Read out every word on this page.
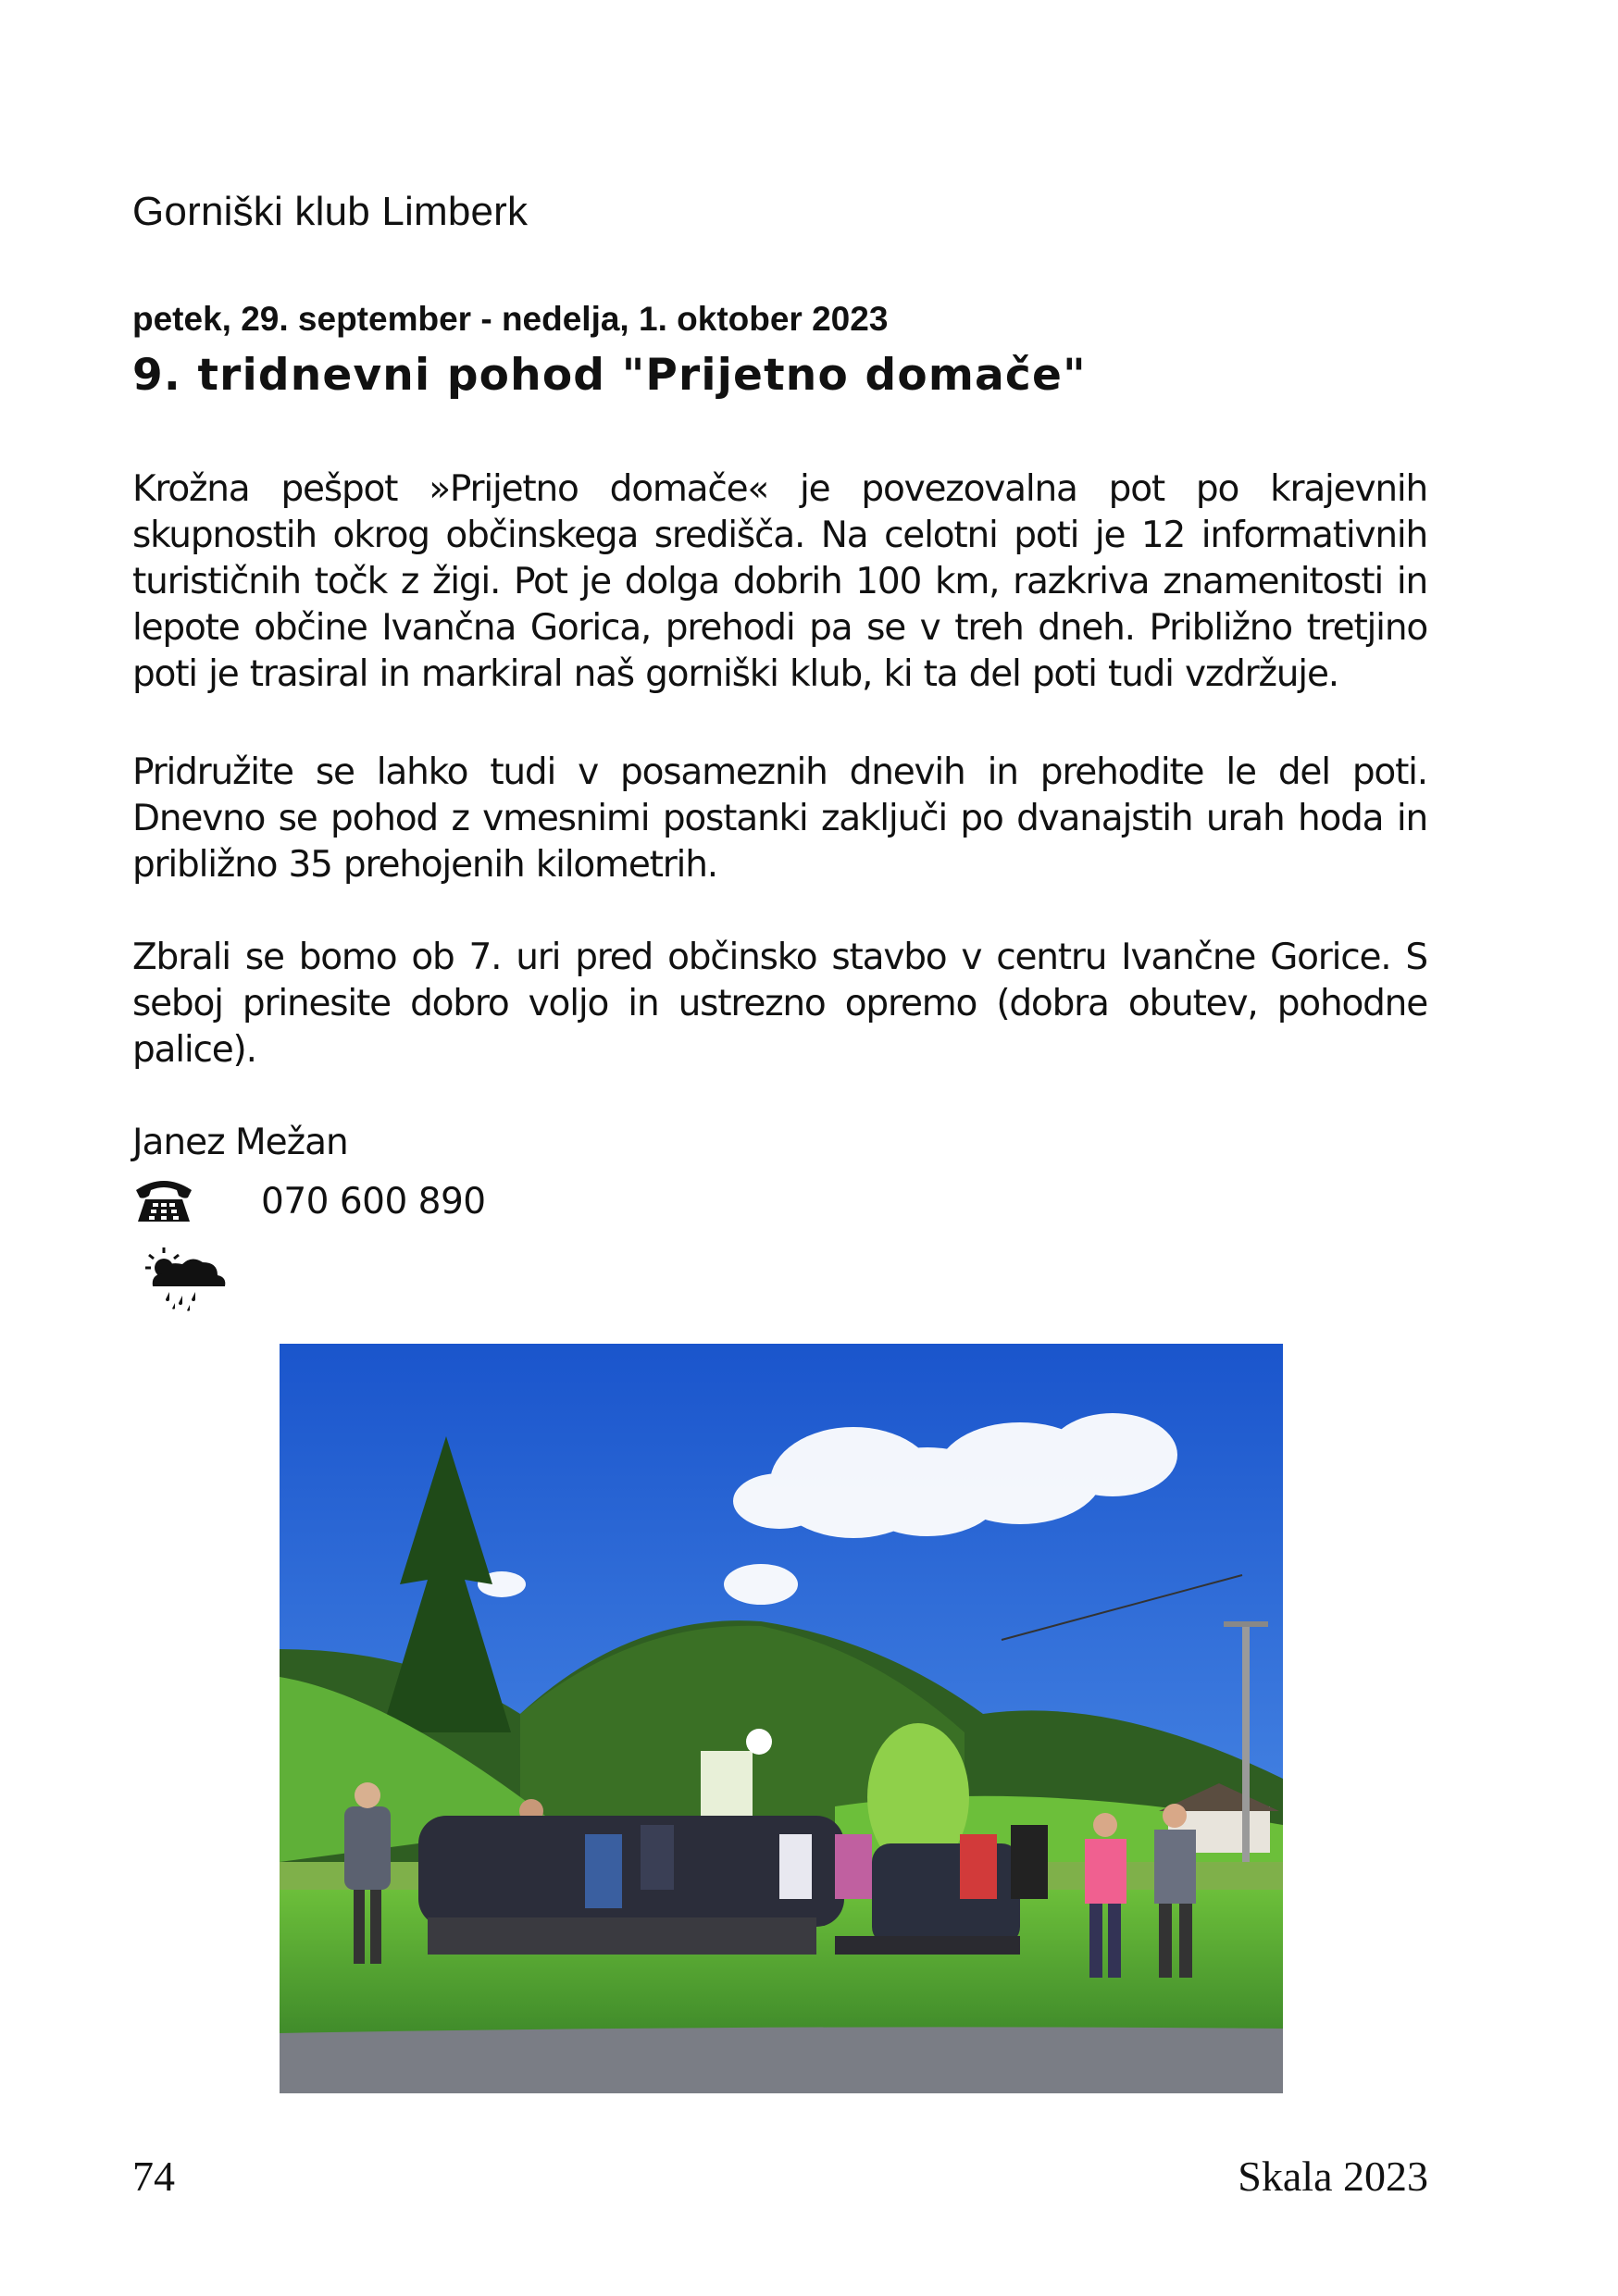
Gorniški klub Limberk
petek, 29. september - nedelja, 1. oktober 2023
9. tridnevni pohod "Prijetno domače"

Krožna pešpot »Prijetno domače« je povezovalna pot po krajevnih skupnostih okrog občinskega središča. Na celotni poti je 12 informativnih turističnih točk z žigi. Pot je dolga dobrih 100 km, razkriva znamenitosti in lepote občine Ivančna Gorica, prehodi pa se v treh dneh. Približno tretjino poti je trasiral in markiral naš gorniški klub, ki ta del poti tudi vzdržuje.

Pridružite se lahko tudi v posameznih dnevih in prehodite le del poti. Dnevno se pohod z vmesnimi postanki zaključi po dvanajstih urah hoda in približno 35 prehojenih kilometrih.

Zbrali se bomo ob 7. uri pred občinsko stavbo v centru Ivančne Gorice. S seboj prinesite dobro voljo in ustrezno opremo (dobra obutev, pohodne palice).

Janez Mežan
070 600 890
74	Skala 2023
